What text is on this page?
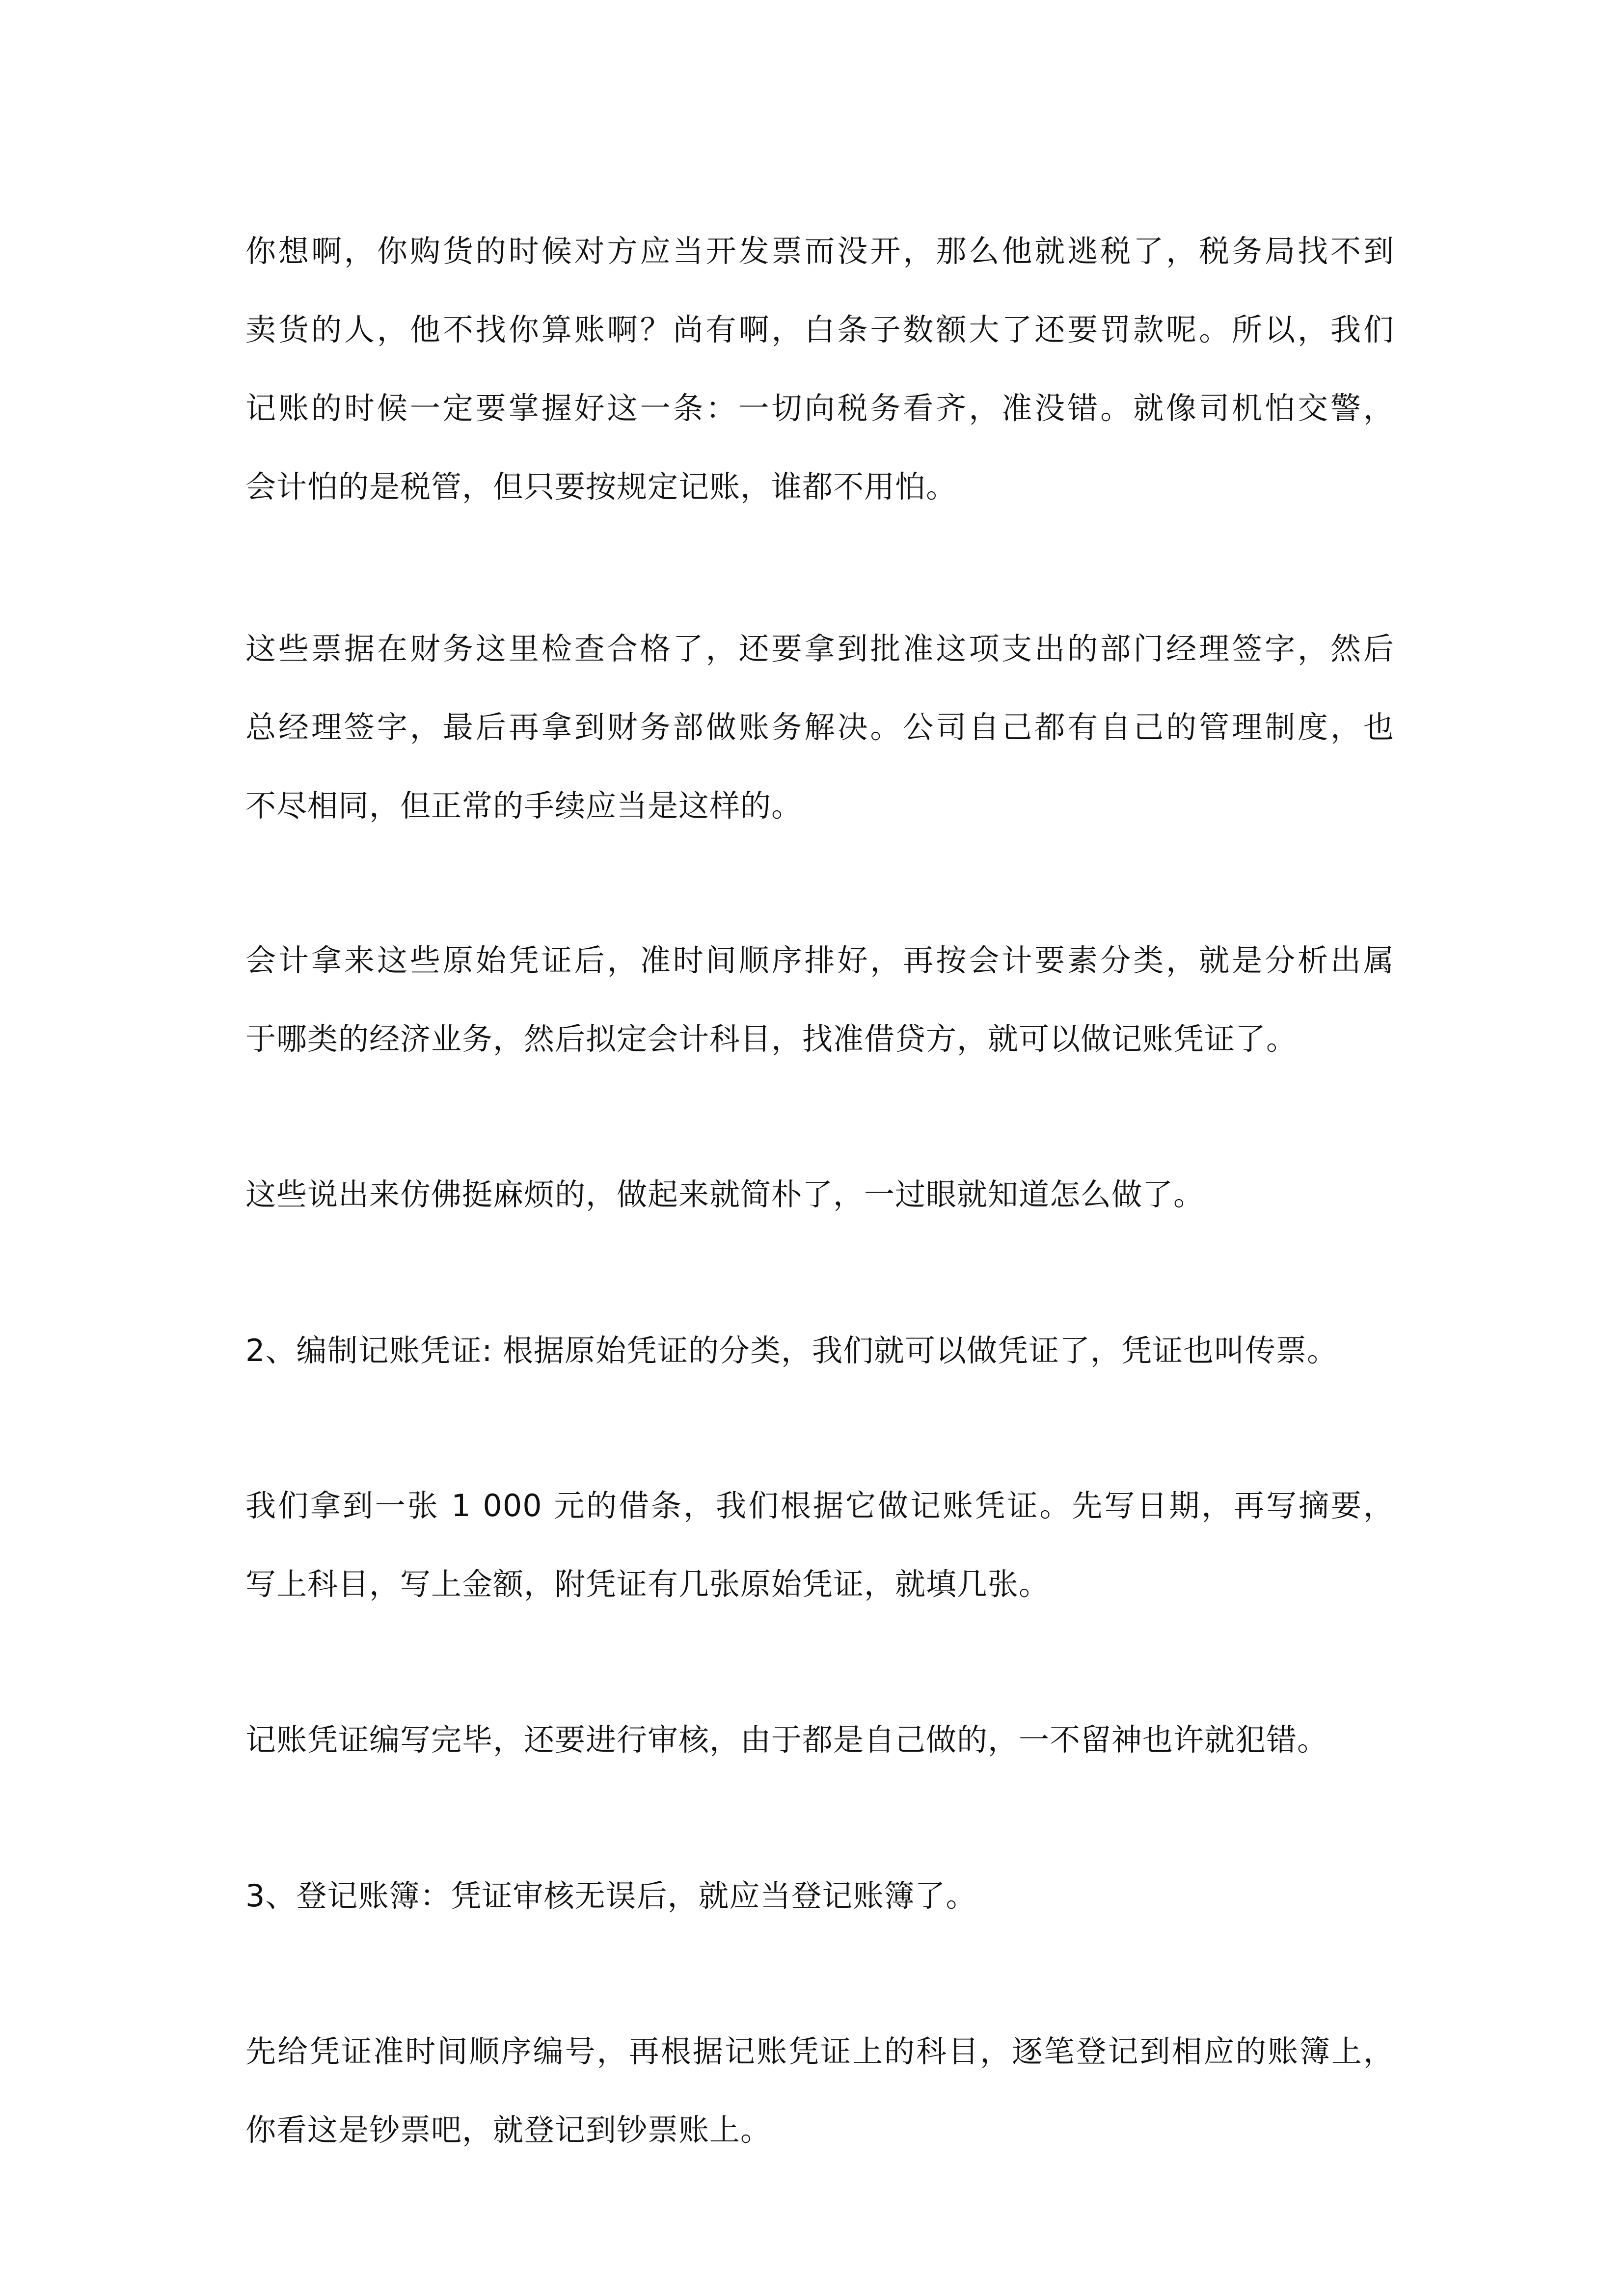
你想啊，你购货的时候对方应当开发票而没开，那么他就逃税了，税务局找不到
卖货的人，他不找你算账啊？尚有啊，白条子数额大了还要罚款呢。所以，我们
记账的时候一定要掌握好这一条：一切向税务看齐，准没错。就像司机怕交警，
会计怕的是税管，但只要按规定记账，谁都不用怕。
这些票据在财务这里检查合格了，还要拿到批准这项支出的部门经理签字，然后
总经理签字，最后再拿到财务部做账务解决。公司自己都有自己的管理制度，也
不尽相同，但正常的手续应当是这样的。
会计拿来这些原始凭证后，准时间顺序排好，再按会计要素分类，就是分析出属
于哪类的经济业务，然后拟定会计科目，找准借贷方，就可以做记账凭证了。
这些说出来仿佛挺麻烦的，做起来就简朴了，一过眼就知道怎么做了。
2、编制记账凭证: 根据原始凭证的分类，我们就可以做凭证了，凭证也叫传票。
我们拿到一张 1 000 元的借条，我们根据它做记账凭证。先写日期，再写摘要，
写上科目，写上金额，附凭证有几张原始凭证，就填几张。
记账凭证编写完毕，还要进行审核，由于都是自己做的，一不留神也许就犯错。
3、登记账簿：凭证审核无误后，就应当登记账簿了。
先给凭证准时间顺序编号，再根据记账凭证上的科目，逐笔登记到相应的账簿上，
你看这是钞票吧，就登记到钞票账上。
